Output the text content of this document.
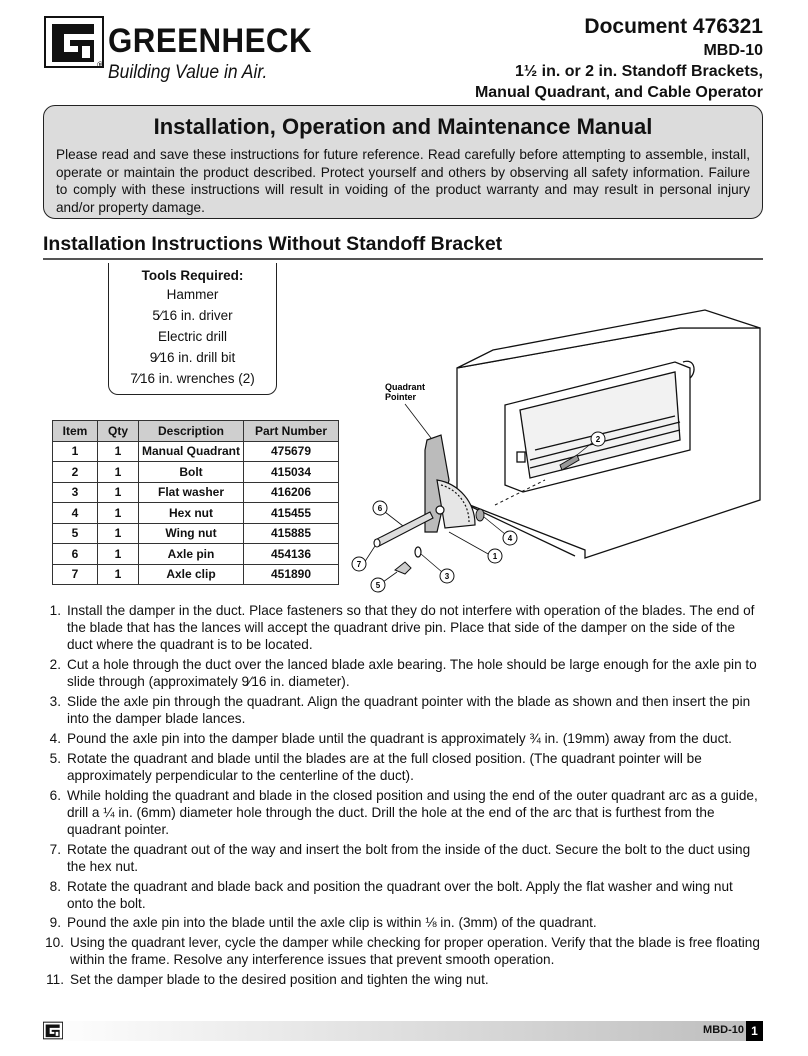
®
GREENHECK
Building Value in Air.
Document 476321
MBD-10
1½ in. or 2 in. Standoff Brackets,
Manual Quadrant, and Cable Operator
Installation, Operation and Maintenance Manual
Please read and save these instructions for future reference. Read carefully before attempting to assemble, install, operate or maintain the product described. Protect yourself and others by observing all safety information. Failure to comply with these instructions will result in voiding of the product warranty and may result in personal injury and/or property damage.
Installation Instructions Without Standoff Bracket
Tools Required:
Hammer
5⁄16 in. driver
Electric drill
9⁄16 in. drill bit
7⁄16 in. wrenches (2)
Item	Qty	Description	Part Number
1	1	Manual Quadrant	475679
2	1	Bolt	415034
3	1	Flat washer	416206
4	1	Hex nut	415455
5	1	Wing nut	415885
6	1	Axle pin	454136
7	1	Axle clip	451890
Quadrant
Pointer
1
2
3
4
5
6
7
1. Install the damper in the duct. Place fasteners so that they do not interfere with operation of the blades. The end of the blade that has the lances will accept the quadrant drive pin. Place that side of the damper on the side of the duct where the quadrant is to be located.
2. Cut a hole through the duct over the lanced blade axle bearing. The hole should be large enough for the axle pin to slide through (approximately 9⁄16 in. diameter).
3. Slide the axle pin through the quadrant. Align the quadrant pointer with the blade as shown and then insert the pin into the damper blade lances.
4. Pound the axle pin into the damper blade until the quadrant is approximately ¾ in. (19mm) away from the duct.
5. Rotate the quadrant and blade until the blades are at the full closed position. (The quadrant pointer will be approximately perpendicular to the centerline of the duct).
6. While holding the quadrant and blade in the closed position and using the end of the outer quadrant arc as a guide, drill a ¼ in. (6mm) diameter hole through the duct. Drill the hole at the end of the arc that is furthest from the quadrant pointer.
7. Rotate the quadrant out of the way and insert the bolt from the inside of the duct. Secure the bolt to the duct using the hex nut.
8. Rotate the quadrant and blade back and position the quadrant over the bolt. Apply the flat washer and wing nut onto the bolt.
9. Pound the axle pin into the blade until the axle clip is within ⅛ in. (3mm) of the quadrant.
10. Using the quadrant lever, cycle the damper while checking for proper operation. Verify that the blade is free floating within the frame. Resolve any interference issues that prevent smooth operation.
11. Set the damper blade to the desired position and tighten the wing nut.
MBD-10 1
